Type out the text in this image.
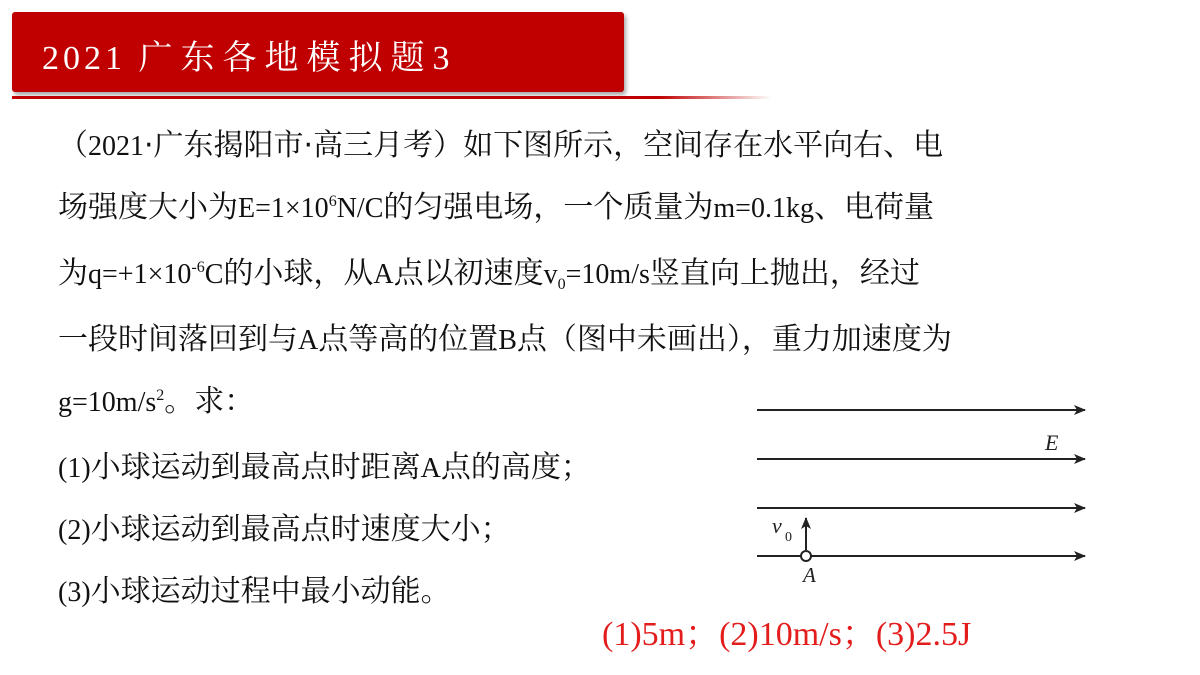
2021 广东各地模拟题3

（2021·广东揭阳市·高三月考）如下图所示，空间存在水平向右、电

场强度大小为$E=1\times 10^6N/C$的匀强电场，一个质量为m=0.1kg、电荷量

为$q=+1\times 10^{-6}C$的小球，从A点以初速度$v_0=10m/s$竖直向上抛出，经过

一段时间落回到与A点等高的位置B点（图中未画出），重力加速度为

$g=10m/s^2$。求：

(1)小球运动到最高点时距离A点的高度；

(2)小球运动到最高点时速度大小；

(3)小球运动过程中最小动能。

E
v 0
A
(1)5m；(2)10m/s；(3)2.5J
